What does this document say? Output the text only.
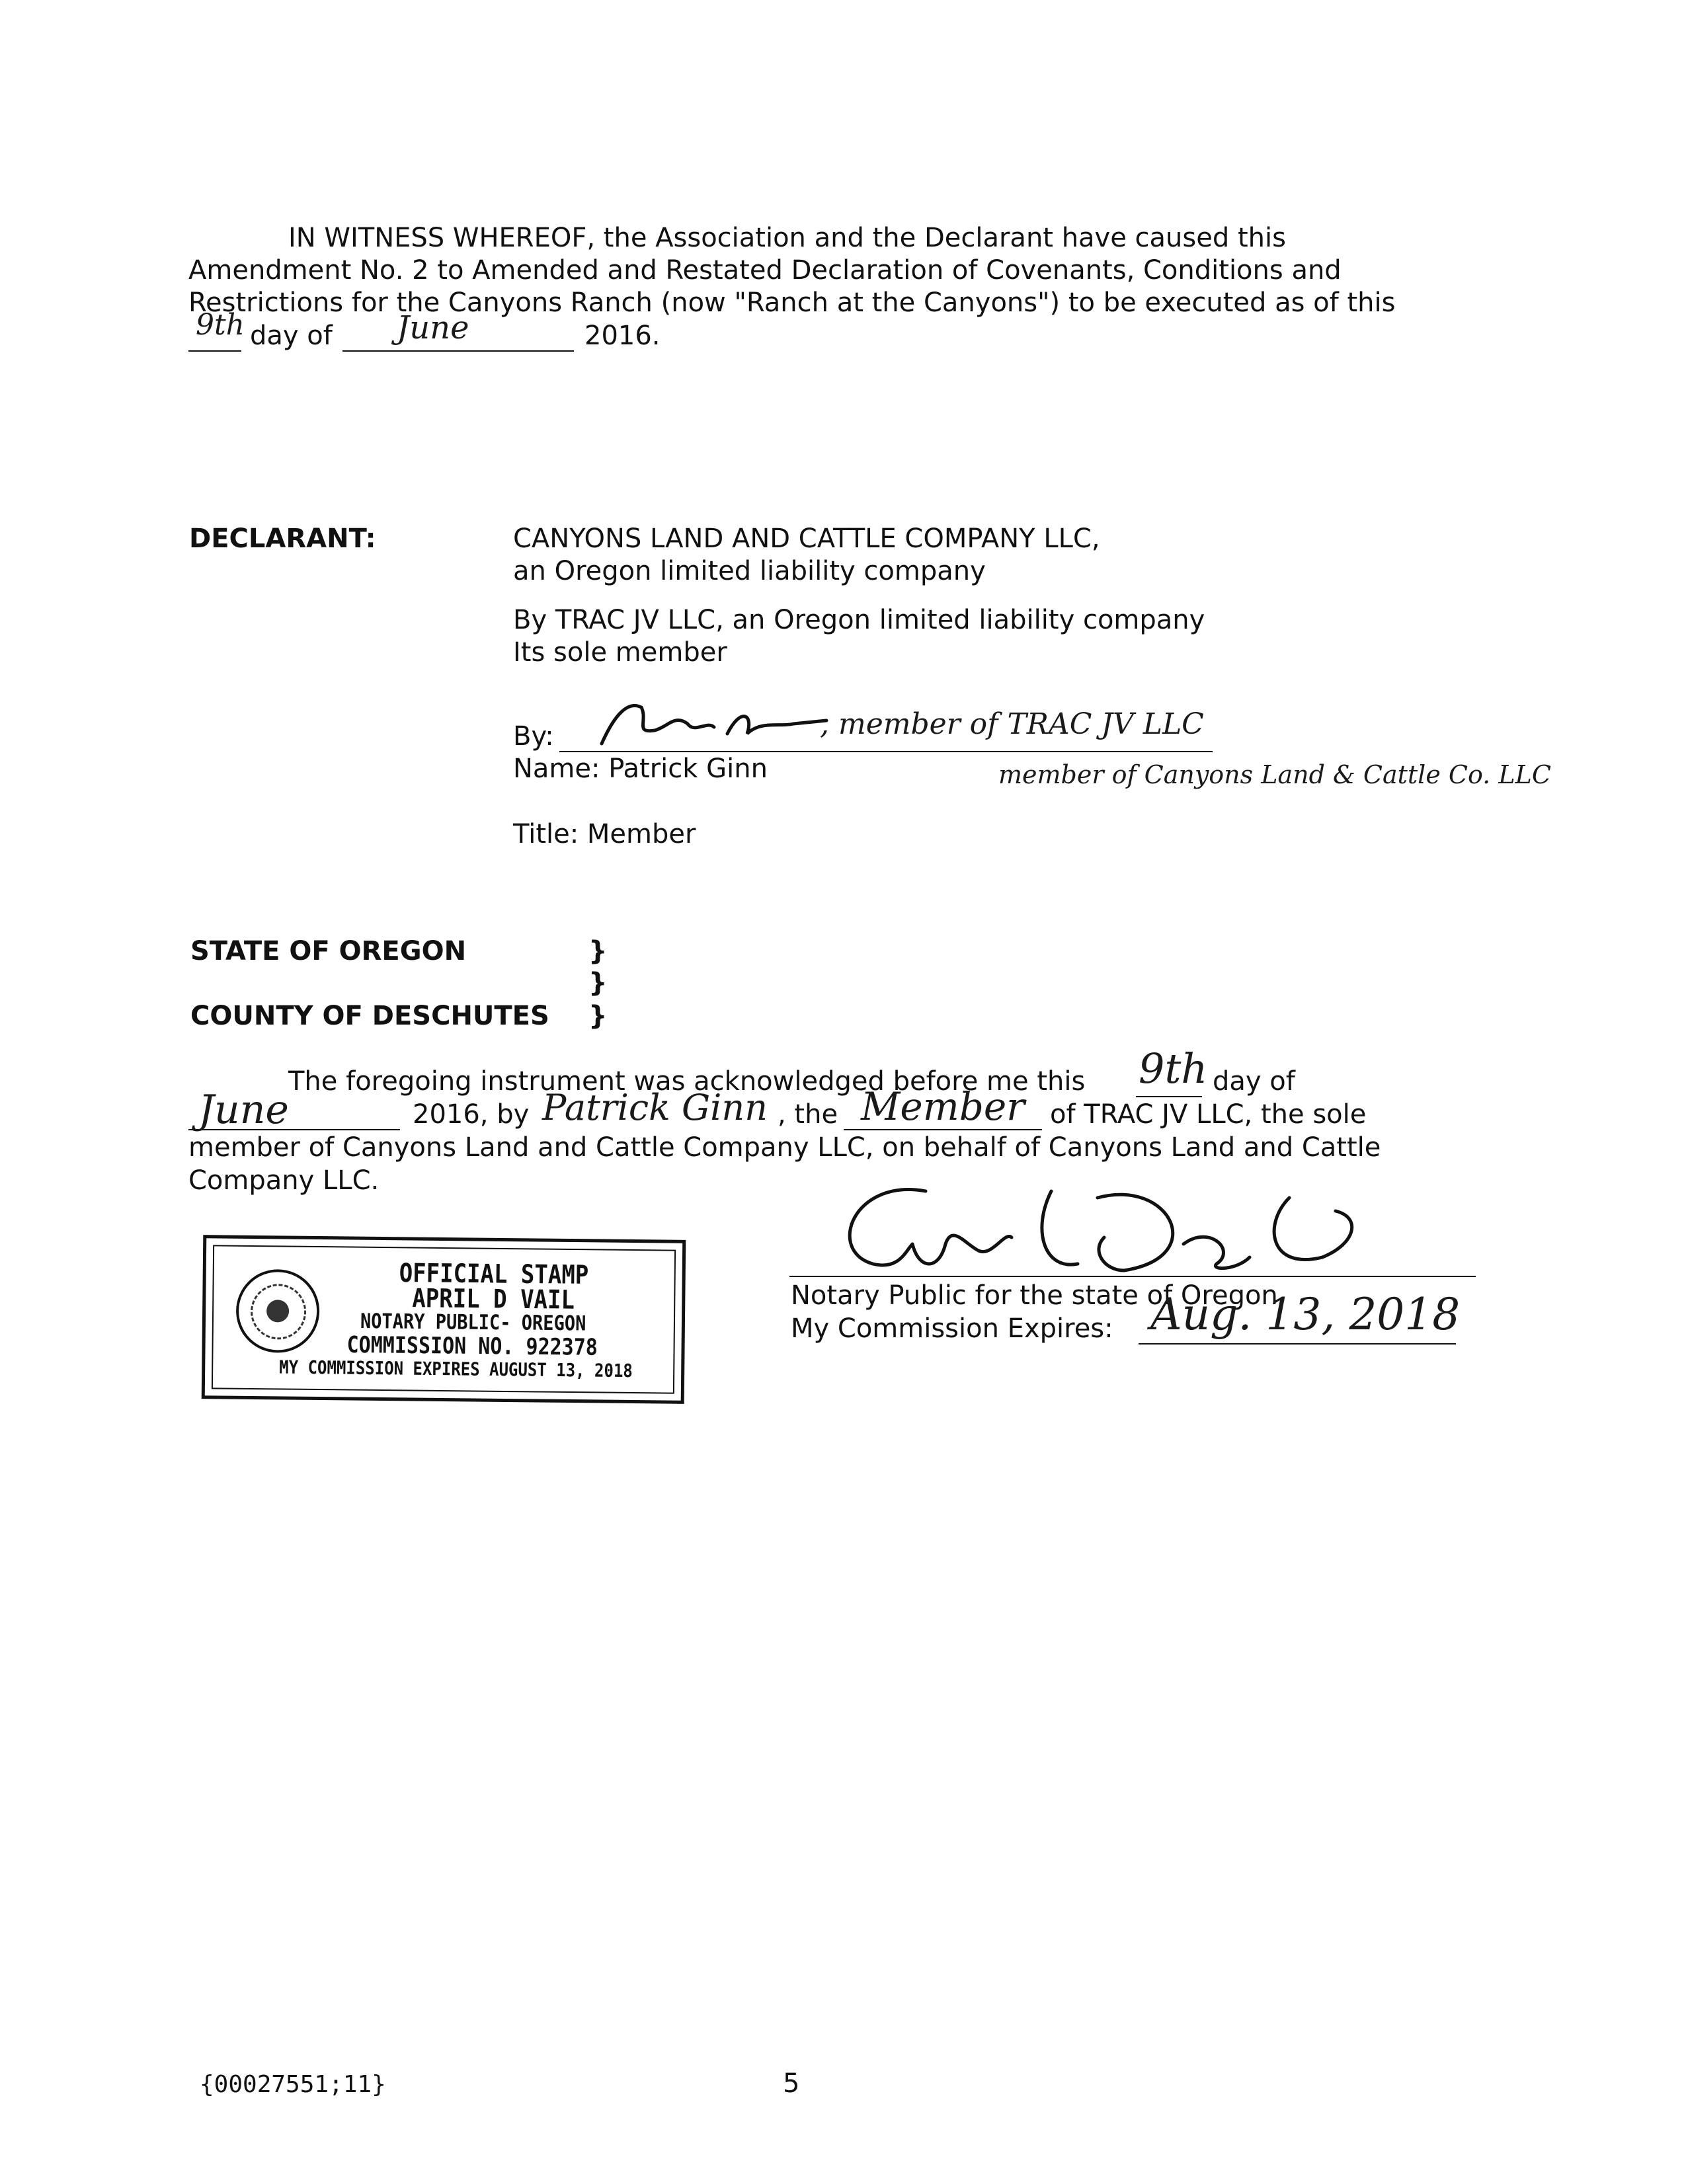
IN WITNESS WHEREOF, the Association and the Declarant have caused this
Amendment No. 2 to Amended and Restated Declaration of Covenants, Conditions and
Restrictions for the Canyons Ranch (now "Ranch at the Canyons") to be executed as of this
9th day of June	2016.
DECLARANT:	CANYONS LAND AND CATTLE COMPANY LLC,
an Oregon limited liability company
By TRAC JV LLC, an Oregon limited liability company
Its sole member
By:	, member of TRAC JV LLC
Name: Patrick Ginn	member of Canyons Land & Cattle Co. LLC
Title: Member
STATE OF OREGON	}
}
COUNTY OF DESCHUTES }
The foregoing instrument was acknowledged before me this 9th day of
June	2016, by Patrick Ginn , the Member of TRAC JV LLC, the sole
member of Canyons Land and Cattle Company LLC, on behalf of Canyons Land and Cattle
Company LLC.
OFFICIAL STAMP
APRIL D VAIL
NOTARY PUBLIC- OREGON
COMMISSION NO. 922378
MY COMMISSION EXPIRES AUGUST 13, 2018
Notary Public for the state of Oregon
My Commission Expires: Aug. 13, 2018
{00027551;11}	5
